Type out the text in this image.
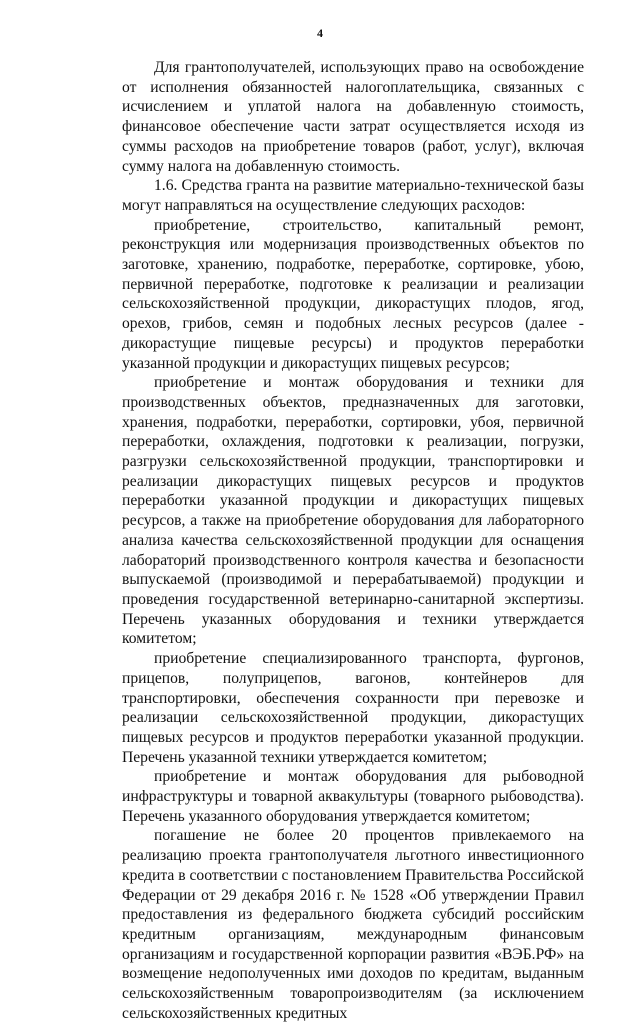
4

Для грантополучателей, использующих право на освобождение от исполнения обязанностей налогоплательщика, связанных с исчислением и уплатой налога на добавленную стоимость, финансовое обеспечение части затрат осуществляется исходя из суммы расходов на приобретение товаров (работ, услуг), включая сумму налога на добавленную стоимость.

1.6. Средства гранта на развитие материально-технической базы могут направляться на осуществление следующих расходов:

приобретение, строительство, капитальный ремонт, реконструкция или модернизация производственных объектов по заготовке, хранению, подработке, переработке, сортировке, убою, первичной переработке, подготовке к реализации и реализации сельскохозяйственной продукции, дикорастущих плодов, ягод, орехов, грибов, семян и подобных лесных ресурсов (далее - дикорастущие пищевые ресурсы) и продуктов переработки указанной продукции и дикорастущих пищевых ресурсов;

приобретение и монтаж оборудования и техники для производственных объектов, предназначенных для заготовки, хранения, подработки, переработки, сортировки, убоя, первичной переработки, охлаждения, подготовки к реализации, погрузки, разгрузки сельскохозяйственной продукции, транспортировки и реализации дикорастущих пищевых ресурсов и продуктов переработки указанной продукции и дикорастущих пищевых ресурсов, а также на приобретение оборудования для лабораторного анализа качества сельскохозяйственной продукции для оснащения лабораторий производственного контроля качества и безопасности выпускаемой (производимой и перерабатываемой) продукции и проведения государственной ветеринарно-санитарной экспертизы. Перечень указанных оборудования и техники утверждается комитетом;

приобретение специализированного транспорта, фургонов, прицепов, полуприцепов, вагонов, контейнеров для транспортировки, обеспечения сохранности при перевозке и реализации сельскохозяйственной продукции, дикорастущих пищевых ресурсов и продуктов переработки указанной продукции. Перечень указанной техники утверждается комитетом;

приобретение и монтаж оборудования для рыбоводной инфраструктуры и товарной аквакультуры (товарного рыбоводства). Перечень указанного оборудования утверждается комитетом;

погашение не более 20 процентов привлекаемого на реализацию проекта грантополучателя льготного инвестиционного кредита в соответствии с постановлением Правительства Российской Федерации от 29 декабря 2016 г. № 1528 «Об утверждении Правил предоставления из федерального бюджета субсидий российским кредитным организациям, международным финансовым организациям и государственной корпорации развития «ВЭБ.РФ» на возмещение недополученных ими доходов по кредитам, выданным сельскохозяйственным товаропроизводителям (за исключением сельскохозяйственных кредитных
